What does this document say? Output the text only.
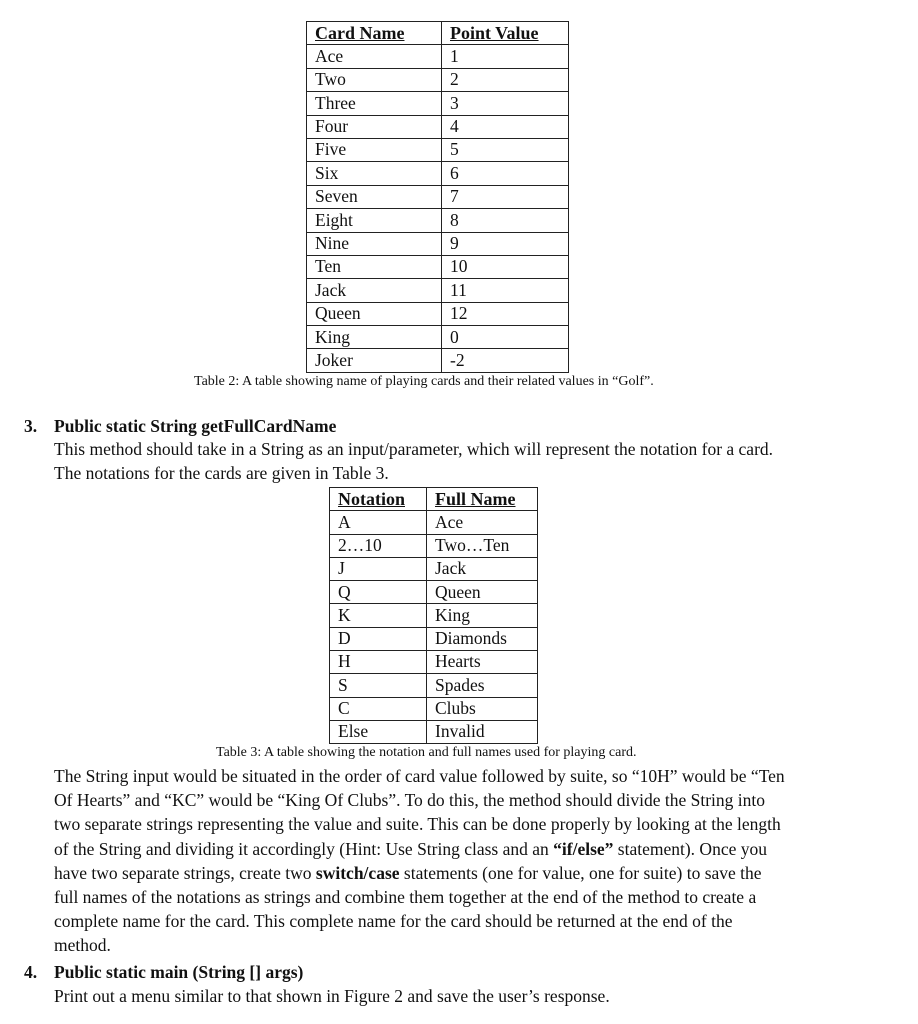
Card Name	Point Value
Ace	1
Two	2
Three	3
Four	4
Five	5
Six	6
Seven	7
Eight	8
Nine	9
Ten	10
Jack	11
Queen	12
King	0
Joker	-2
Table 2: A table showing name of playing cards and their related values in “Golf”.
3. Public static String getFullCardName
This method should take in a String as an input/parameter, which will represent the notation for a card.
The notations for the cards are given in Table 3.
Notation	Full Name
A	Ace
2…10	Two…Ten
J	Jack
Q	Queen
K	King
D	Diamonds
H	Hearts
S	Spades
C	Clubs
Else	Invalid
Table 3: A table showing the notation and full names used for playing card.
The String input would be situated in the order of card value followed by suite, so “10H” would be “Ten
Of Hearts” and “KC” would be “King Of Clubs”. To do this, the method should divide the String into
two separate strings representing the value and suite. This can be done properly by looking at the length
of the String and dividing it accordingly (Hint: Use String class and an “if/else” statement). Once you
have two separate strings, create two switch/case statements (one for value, one for suite) to save the
full names of the notations as strings and combine them together at the end of the method to create a
complete name for the card. This complete name for the card should be returned at the end of the
method.
4. Public static main (String [] args)
Print out a menu similar to that shown in Figure 2 and save the user’s response.
